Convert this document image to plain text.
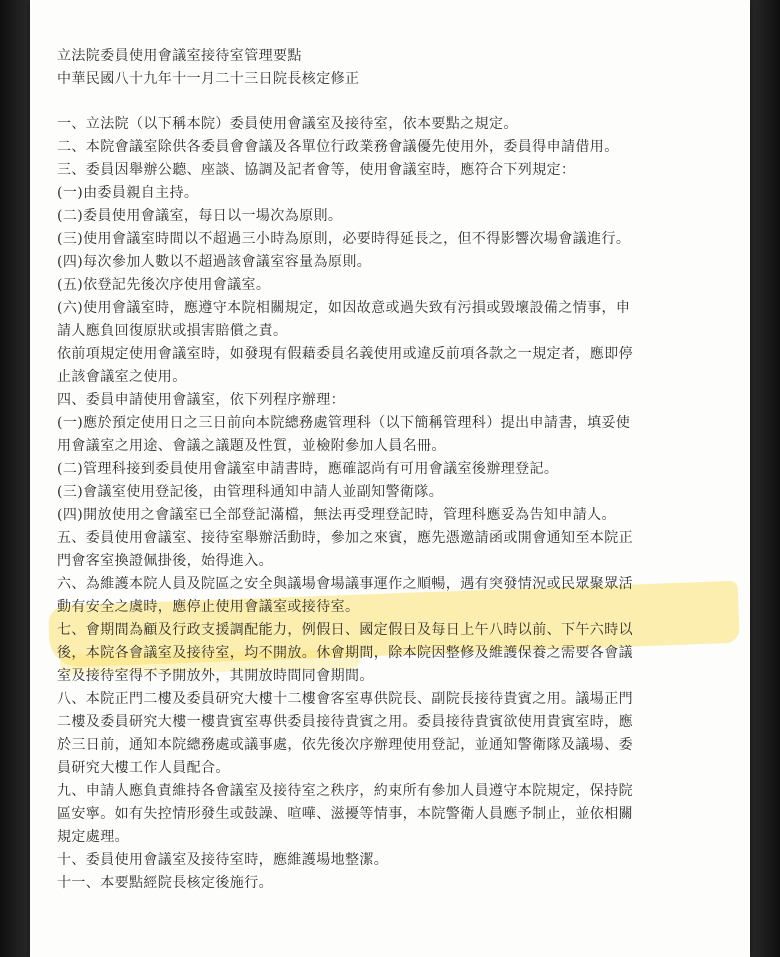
立法院委員使用會議室接待室管理要點
中華民國八十九年十一月二十三日院長核定修正
一、立法院（以下稱本院）委員使用會議室及接待室，依本要點之規定。
二、本院會議室除供各委員會會議及各單位行政業務會議優先使用外，委員得申請借用。
三、委員因舉辦公聽、座談、協調及記者會等，使用會議室時，應符合下列規定：
(一)由委員親自主持。
(二)委員使用會議室，每日以一場次為原則。
(三)使用會議室時間以不超過三小時為原則，必要時得延長之，但不得影響次場會議進行。
(四)每次參加人數以不超過該會議室容量為原則。
(五)依登記先後次序使用會議室。
(六)使用會議室時，應遵守本院相關規定，如因故意或過失致有污損或毀壞設備之情事，申
請人應負回復原狀或損害賠償之責。
依前項規定使用會議室時，如發現有假藉委員名義使用或違反前項各款之一規定者，應即停
止該會議室之使用。
四、委員申請使用會議室，依下列程序辦理：
(一)應於預定使用日之三日前向本院總務處管理科（以下簡稱管理科）提出申請書，填妥使
用會議室之用途、會議之議題及性質，並檢附參加人員名冊。
(二)管理科接到委員使用會議室申請書時，應確認尚有可用會議室後辦理登記。
(三)會議室使用登記後，由管理科通知申請人並副知警衛隊。
(四)開放使用之會議室已全部登記滿檔，無法再受理登記時，管理科應妥為告知申請人。
五、委員使用會議室、接待室舉辦活動時，參加之來賓，應先憑邀請函或開會通知至本院正
門會客室換證佩掛後，始得進入。
六、為維護本院人員及院區之安全與議場會場議事運作之順暢，遇有突發情況或民眾聚眾活
動有安全之虞時，應停止使用會議室或接待室。
七、會期間為顧及行政支援調配能力，例假日、國定假日及每日上午八時以前、下午六時以
後，本院各會議室及接待室，均不開放。休會期間，除本院因整修及維護保養之需要各會議
室及接待室得不予開放外，其開放時間同會期間。
八、本院正門二樓及委員研究大樓十二樓會客室專供院長、副院長接待貴賓之用。議場正門
二樓及委員研究大樓一樓貴賓室專供委員接待貴賓之用。委員接待貴賓欲使用貴賓室時，應
於三日前，通知本院總務處或議事處，依先後次序辦理使用登記，並通知警衛隊及議場、委
員研究大樓工作人員配合。
九、申請人應負責維持各會議室及接待室之秩序，約束所有參加人員遵守本院規定，保持院
區安寧。如有失控情形發生或鼓譟、喧嘩、滋擾等情事，本院警衛人員應予制止，並依相關
規定處理。
十、委員使用會議室及接待室時，應維護場地整潔。
十一、本要點經院長核定後施行。
